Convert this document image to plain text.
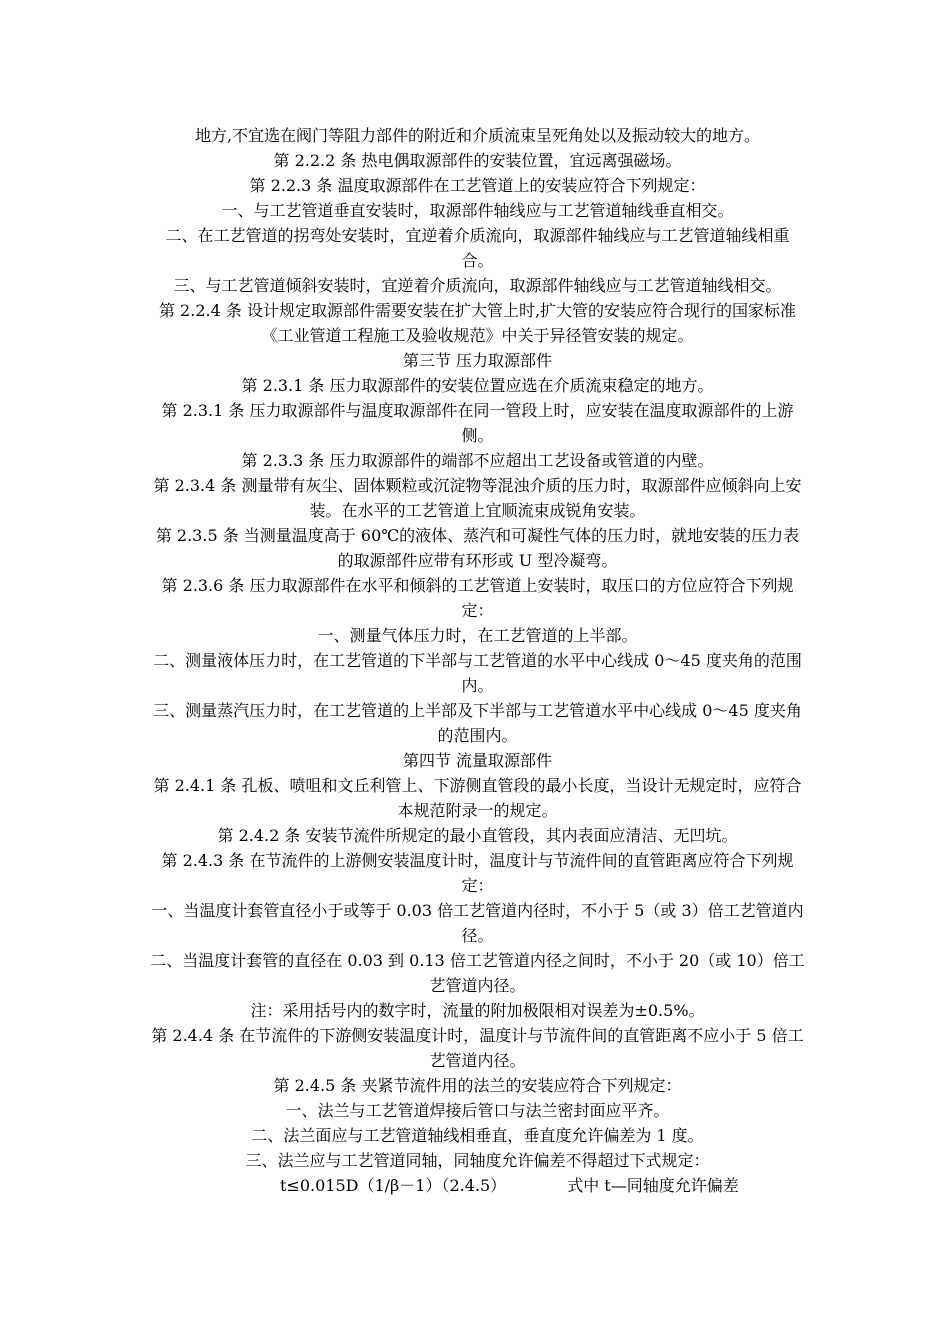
地方,不宜选在阀门等阻力部件的附近和介质流束呈死角处以及振动较大的地方。

第 2.2.2 条 热电偶取源部件的安装位置，宜远离强磁场。

第 2.2.3 条 温度取源部件在工艺管道上的安装应符合下列规定：

一、与工艺管道垂直安装时，取源部件轴线应与工艺管道轴线垂直相交。

二、在工艺管道的拐弯处安装时，宜逆着介质流向，取源部件轴线应与工艺管道轴线相重合。

三、与工艺管道倾斜安装时，宜逆着介质流向，取源部件轴线应与工艺管道轴线相交。

第 2.2.4 条 设计规定取源部件需要安装在扩大管上时,扩大管的安装应符合现行的国家标准《工业管道工程施工及验收规范》中关于异径管安装的规定。

第三节 压力取源部件

第 2.3.1 条 压力取源部件的安装位置应选在介质流束稳定的地方。

第 2.3.1 条 压力取源部件与温度取源部件在同一管段上时，应安装在温度取源部件的上游侧。

第 2.3.3 条 压力取源部件的端部不应超出工艺设备或管道的内壁。

第 2.3.4 条 测量带有灰尘、固体颗粒或沉淀物等混浊介质的压力时，取源部件应倾斜向上安装。在水平的工艺管道上宜顺流束成锐角安装。

第 2.3.5 条 当测量温度高于 60℃的液体、蒸汽和可凝性气体的压力时，就地安装的压力表的取源部件应带有环形或 U 型冷凝弯。

第 2.3.6 条 压力取源部件在水平和倾斜的工艺管道上安装时，取压口的方位应符合下列规定：

一、测量气体压力时，在工艺管道的上半部。

二、测量液体压力时，在工艺管道的下半部与工艺管道的水平中心线成 0～45 度夹角的范围内。

三、测量蒸汽压力时，在工艺管道的上半部及下半部与工艺管道水平中心线成 0～45 度夹角的范围内。

第四节 流量取源部件

第 2.4.1 条 孔板、喷咀和文丘利管上、下游侧直管段的最小长度，当设计无规定时，应符合本规范附录一的规定。

第 2.4.2 条 安装节流件所规定的最小直管段，其内表面应清洁、无凹坑。

第 2.4.3 条 在节流件的上游侧安装温度计时，温度计与节流件间的直管距离应符合下列规定：

一、当温度计套管直径小于或等于 0.03 倍工艺管道内径时，不小于 5（或 3）倍工艺管道内径。

二、当温度计套管的直径在 0.03 到 0.13 倍工艺管道内径之间时，不小于 20（或 10）倍工艺管道内径。

注：采用括号内的数字时，流量的附加极限相对误差为±0.5%。

第 2.4.4 条 在节流件的下游侧安装温度计时，温度计与节流件间的直管距离不应小于 5 倍工艺管道内径。

第 2.4.5 条 夹紧节流件用的法兰的安装应符合下列规定：

一、法兰与工艺管道焊接后管口与法兰密封面应平齐。

二、法兰面应与工艺管道轴线相垂直，垂直度允许偏差为 1 度。

三、法兰应与工艺管道同轴，同轴度允许偏差不得超过下式规定：

t≤0.015D（1/β－1）（2.4.5）            式中 t—同轴度允许偏差
